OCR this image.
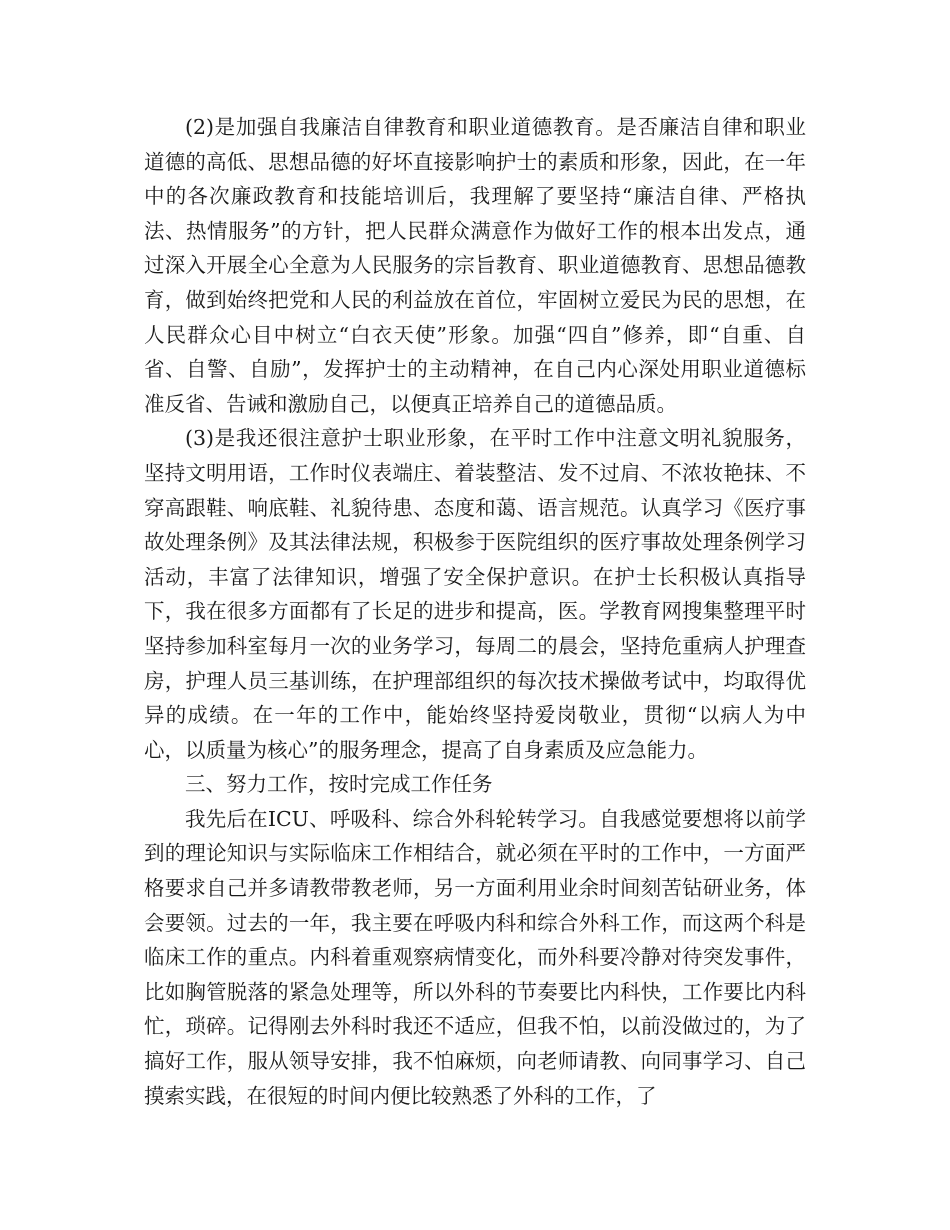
(2)是加强自我廉洁自律教育和职业道德教育。是否廉洁自律和职业道德的高低、思想品德的好坏直接影响护士的素质和形象，因此，在一年中的各次廉政教育和技能培训后，我理解了要坚持“廉洁自律、严格执法、热情服务”的方针，把人民群众满意作为做好工作的根本出发点，通过深入开展全心全意为人民服务的宗旨教育、职业道德教育、思想品德教育，做到始终把党和人民的利益放在首位，牢固树立爱民为民的思想，在人民群众心目中树立“白衣天使”形象。加强“四自”修养，即“自重、自省、自警、自励”，发挥护士的主动精神，在自己内心深处用职业道德标准反省、告诫和激励自己，以便真正培养自己的道德品质。

(3)是我还很注意护士职业形象，在平时工作中注意文明礼貌服务，坚持文明用语，工作时仪表端庄、着装整洁、发不过肩、不浓妆艳抹、不穿高跟鞋、响底鞋、礼貌待患、态度和蔼、语言规范。认真学习《医疗事故处理条例》及其法律法规，积极参于医院组织的医疗事故处理条例学习活动，丰富了法律知识，增强了安全保护意识。在护士长积极认真指导下，我在很多方面都有了长足的进步和提高，医。学教育网搜集整理平时坚持参加科室每月一次的业务学习，每周二的晨会，坚持危重病人护理查房，护理人员三基训练，在护理部组织的每次技术操做考试中，均取得优异的成绩。在一年的工作中，能始终坚持爱岗敬业，贯彻“以病人为中心，以质量为核心”的服务理念，提高了自身素质及应急能力。

三、努力工作，按时完成工作任务

我先后在ICU、呼吸科、综合外科轮转学习。自我感觉要想将以前学到的理论知识与实际临床工作相结合，就必须在平时的工作中，一方面严格要求自己并多请教带教老师，另一方面利用业余时间刻苦钻研业务，体会要领。过去的一年，我主要在呼吸内科和综合外科工作，而这两个科是临床工作的重点。内科着重观察病情变化，而外科要冷静对待突发事件，比如胸管脱落的紧急处理等，所以外科的节奏要比内科快，工作要比内科忙，琐碎。记得刚去外科时我还不适应，但我不怕，以前没做过的，为了搞好工作，服从领导安排，我不怕麻烦，向老师请教、向同事学习、自己摸索实践，在很短的时间内便比较熟悉了外科的工作，了
